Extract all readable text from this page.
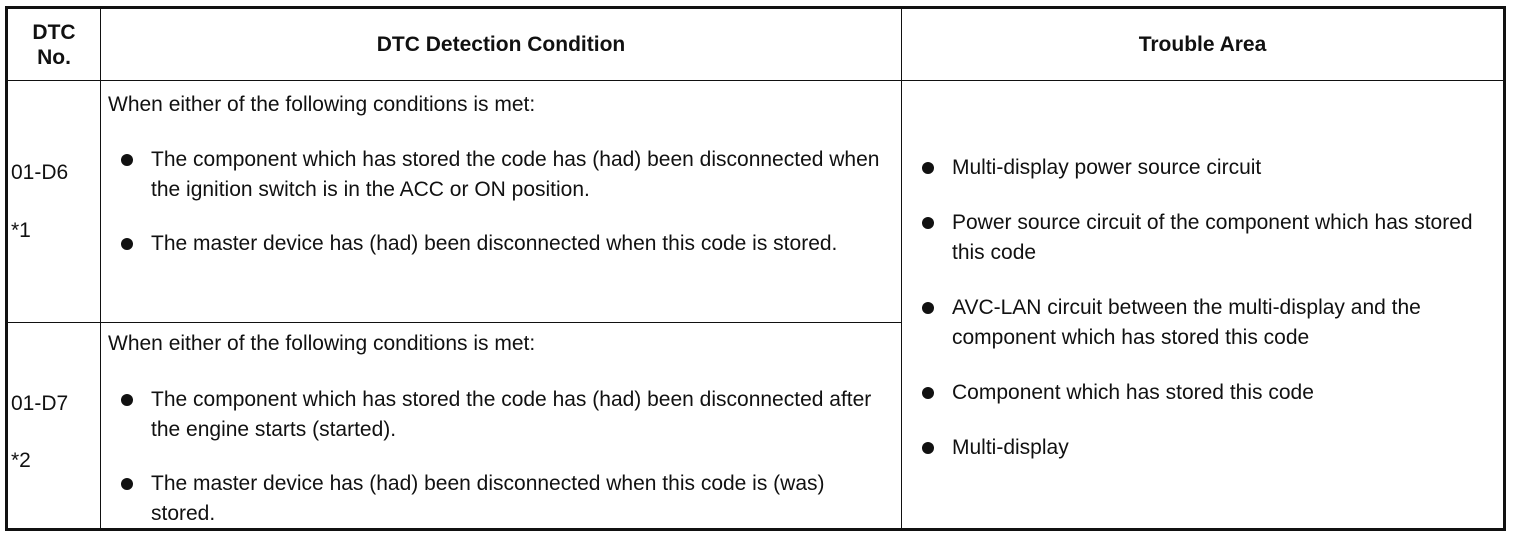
DTC No.
DTC Detection Condition	Trouble Area
01-D6
*1
When either of the following conditions is met:
The component which has stored the code has (had) been disconnected when the ignition switch is in the ACC or ON position.
The master device has (had) been disconnected when this code is stored.
01-D7
*2
When either of the following conditions is met:
The component which has stored the code has (had) been disconnected after the engine starts (started).
The master device has (had) been disconnected when this code is (was) stored.
Multi-display power source circuit
Power source circuit of the component which has stored this code
AVC-LAN circuit between the multi-display and the component which has stored this code
Component which has stored this code
Multi-display
